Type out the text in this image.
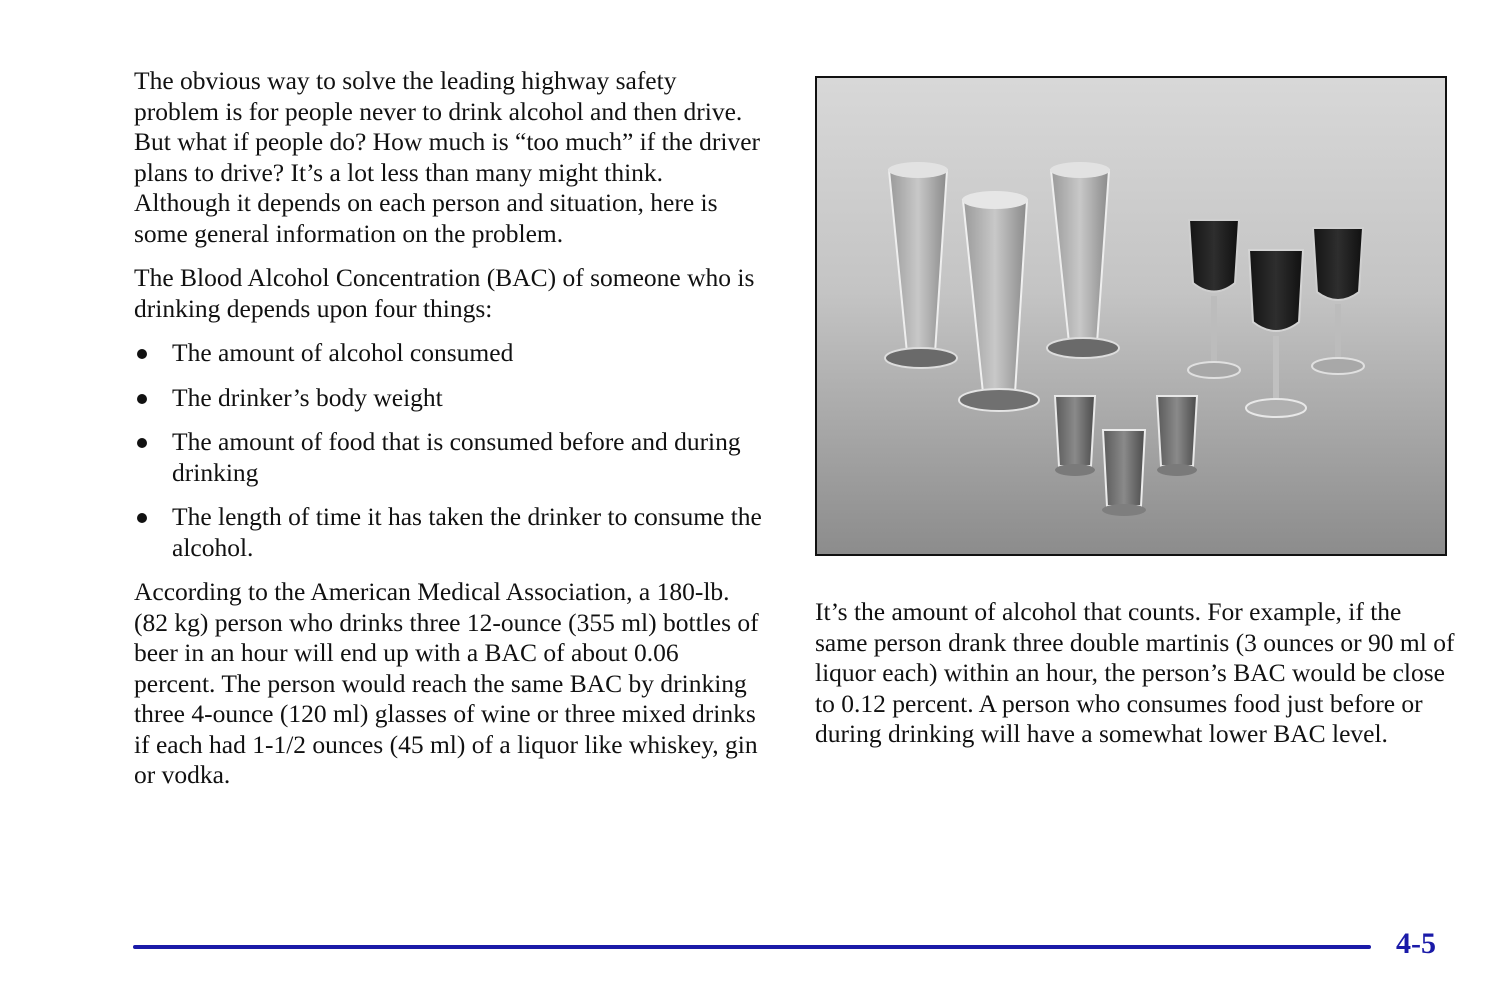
The obvious way to solve the leading highway safety problem is for people never to drink alcohol and then drive. But what if people do? How much is “too much” if the driver plans to drive? It’s a lot less than many might think. Although it depends on each person and situation, here is some general information on the problem.

The Blood Alcohol Concentration (BAC) of someone who is drinking depends upon four things:

The amount of alcohol consumed
The drinker’s body weight
The amount of food that is consumed before and during drinking
The length of time it has taken the drinker to consume the alcohol.

According to the American Medical Association, a 180-lb. (82 kg) person who drinks three 12-ounce (355 ml) bottles of beer in an hour will end up with a BAC of about 0.06 percent. The person would reach the same BAC by drinking three 4-ounce (120 ml) glasses of wine or three mixed drinks if each had 1-1/2 ounces (45 ml) of a liquor like whiskey, gin or vodka.

It’s the amount of alcohol that counts. For example, if the same person drank three double martinis (3 ounces or 90 ml of liquor each) within an hour, the person’s BAC would be close to 0.12 percent. A person who consumes food just before or during drinking will have a somewhat lower BAC level.

4-5
